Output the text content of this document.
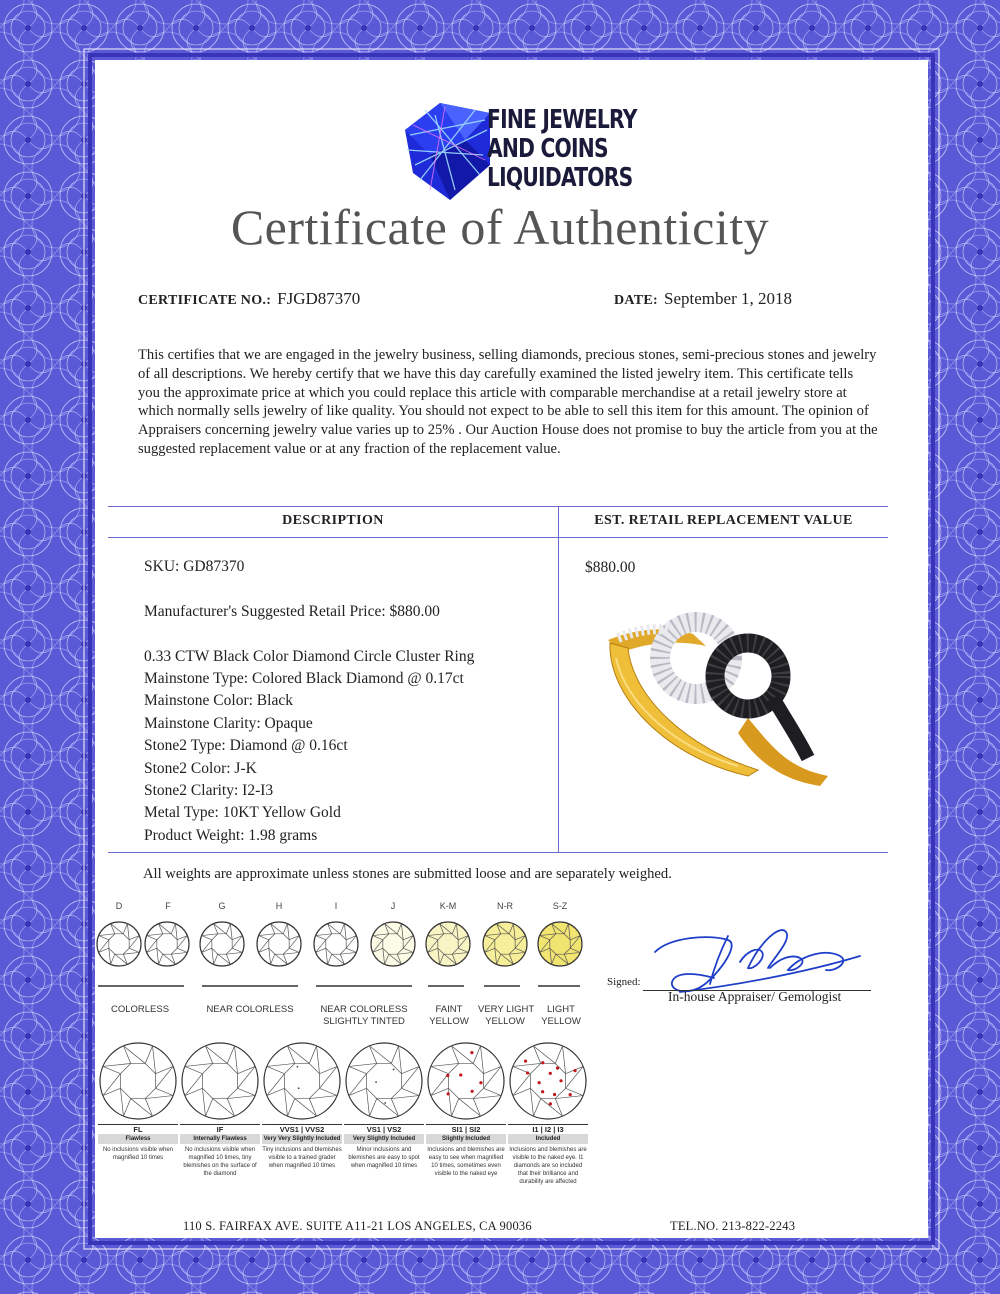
FINE JEWELRY
AND COINS
LIQUIDATORS
Certificate of Authenticity
CERTIFICATE NO.: FJGD87370	DATE: September 1, 2018
This certifies that we are engaged in the jewelry business, selling diamonds, precious stones, semi-precious stones and jewelry of all descriptions. We hereby certify that we have this day carefully examined the listed jewelry item. This certificate tells you the approximate price at which you could replace this article with comparable merchandise at a retail jewelry store at which normally sells jewelry of like quality. You should not expect to be able to sell this item for this amount. The opinion of Appraisers concerning jewelry value varies up to 25% . Our Auction House does not promise to buy the article from you at the suggested replacement value or at any fraction of the replacement value.
DESCRIPTION	EST. RETAIL REPLACEMENT VALUE
SKU: GD87370
Manufacturer's Suggested Retail Price: $880.00
0.33 CTW Black Color Diamond Circle Cluster Ring
Mainstone Type: Colored Black Diamond @ 0.17ct
Mainstone Color: Black
Mainstone Clarity: Opaque
Stone2 Type: Diamond @ 0.16ct
Stone2 Color: J-K
Stone2 Clarity: I2-I3
Metal Type: 10KT Yellow Gold
Product Weight: 1.98 grams
$880.00
All weights are approximate unless stones are submitted loose and are separately weighed.
D	F	G	H	I	J	K-M	N-R	S-Z
COLORLESS	NEAR COLORLESS	NEAR COLORLESS
SLIGHTLY TINTED
FAINT
YELLOW
VERY LIGHT
YELLOW
LIGHT
YELLOW
FL
Flawless
No inclusions visible when magnified 10 times
IF
Internally Flawless
No inclusions visible when magnified 10 times, tiny blemishes on the surface of the diamond
VVS1 | VVS2
Very Very Slightly Included
Tiny inclusions and blemishes visible to a trained grader when magnified 10 times
VS1 | VS2
Very Slightly Included
Minor inclusions and blemishes are easy to spot when magnified 10 times
SI1 | SI2
Slightly Included
Inclusions and blemishes are easy to see when magnified 10 times, sometimes even visible to the naked eye
I1 | I2 | I3
Included
Inclusions and blemishes are visible to the naked eye. I1 diamonds are so included that their brilliance and durability are affected
Signed:
In-house Appraiser/ Gemologist
110 S. FAIRFAX AVE. SUITE A11-21 LOS ANGELES, CA 90036	TEL.NO. 213-822-2243
